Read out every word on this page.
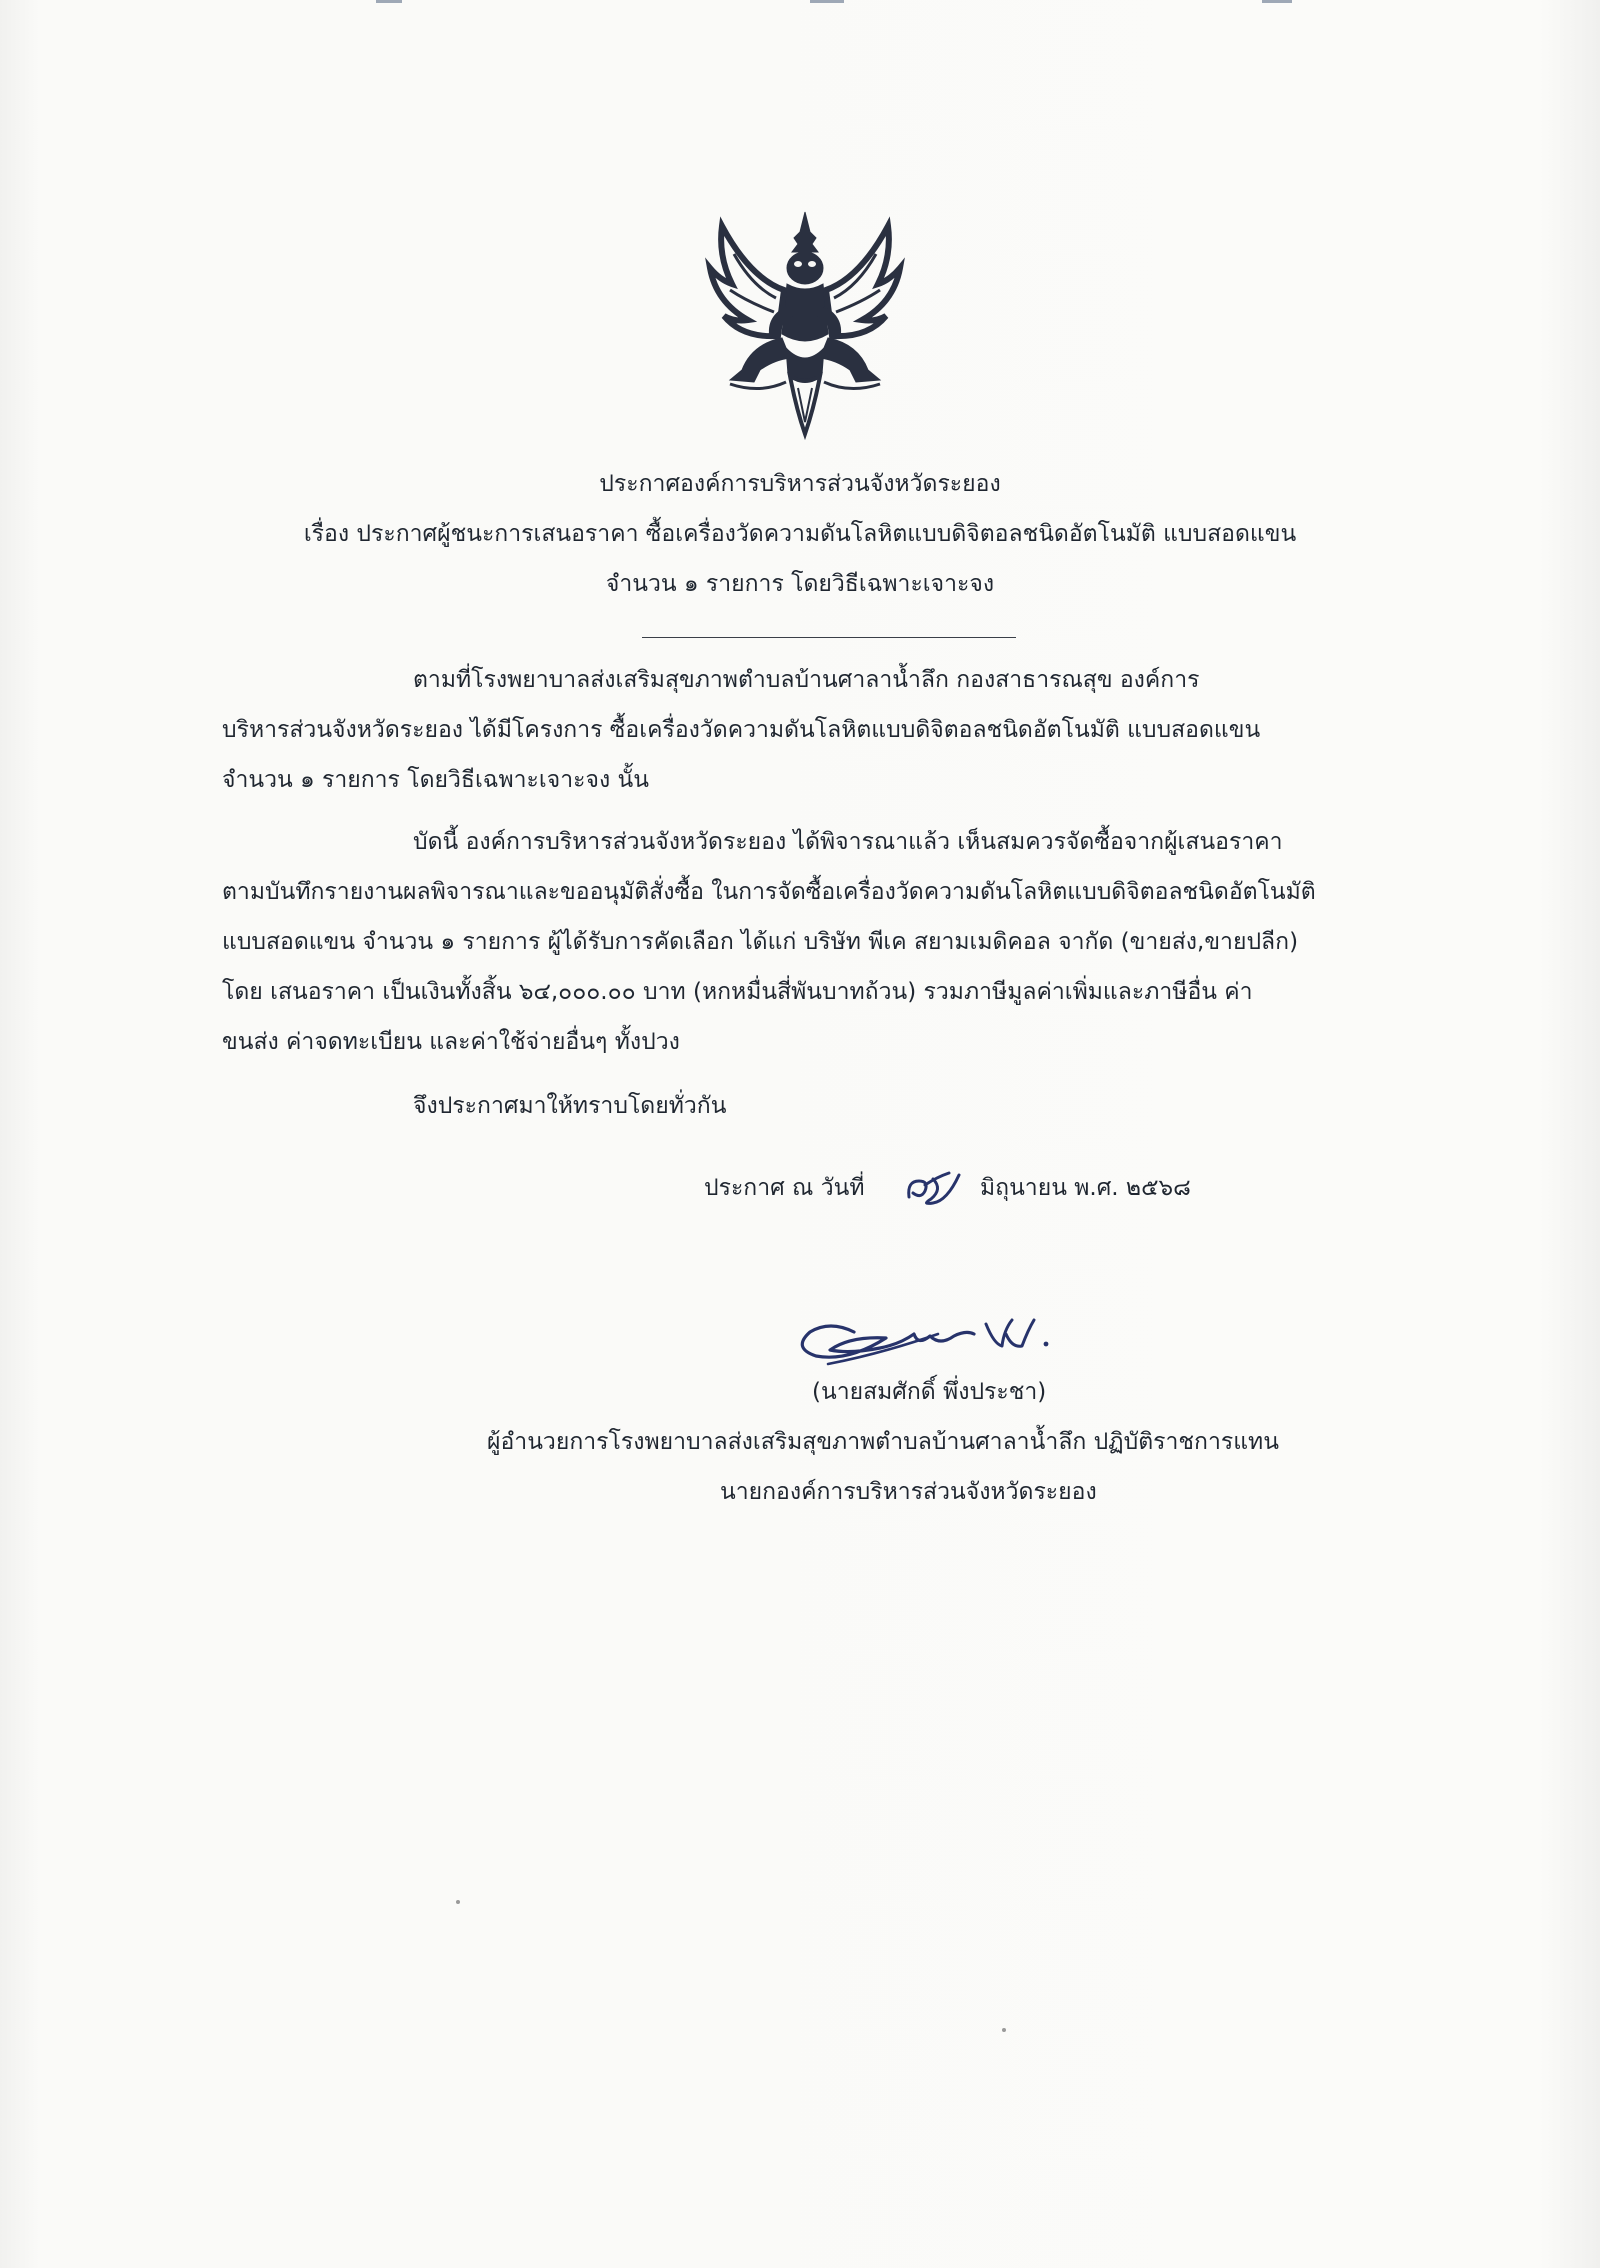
ประกาศองค์การบริหารส่วนจังหวัดระยอง
เรื่อง ประกาศผู้ชนะการเสนอราคา ซื้อเครื่องวัดความดันโลหิตแบบดิจิตอลชนิดอัตโนมัติ แบบสอดแขน
จำนวน ๑ รายการ โดยวิธีเฉพาะเจาะจง
ตามที่โรงพยาบาลส่งเสริมสุขภาพตำบลบ้านศาลาน้ำลึก กองสาธารณสุข องค์การ
บริหารส่วนจังหวัดระยอง ได้มีโครงการ ซื้อเครื่องวัดความดันโลหิตแบบดิจิตอลชนิดอัตโนมัติ แบบสอดแขน
จำนวน ๑ รายการ โดยวิธีเฉพาะเจาะจง นั้น
บัดนี้ องค์การบริหารส่วนจังหวัดระยอง ได้พิจารณาแล้ว เห็นสมควรจัดซื้อจากผู้เสนอราคา
ตามบันทึกรายงานผลพิจารณาและขออนุมัติสั่งซื้อ ในการจัดซื้อเครื่องวัดความดันโลหิตแบบดิจิตอลชนิดอัตโนมัติ
แบบสอดแขน จำนวน ๑ รายการ ผู้ได้รับการคัดเลือก ได้แก่ บริษัท พีเค สยามเมดิคอล จากัด (ขายส่ง,ขายปลีก)
โดย เสนอราคา เป็นเงินทั้งสิ้น ๖๔,๐๐๐.๐๐ บาท (หกหมื่นสี่พันบาทถ้วน) รวมภาษีมูลค่าเพิ่มและภาษีอื่น ค่า
ขนส่ง ค่าจดทะเบียน และค่าใช้จ่ายอื่นๆ ทั้งปวง
จึงประกาศมาให้ทราบโดยทั่วกัน
ประกาศ ณ วันที่	มิถุนายน พ.ศ. ๒๕๖๘
(นายสมศักดิ์ พึ่งประชา)
ผู้อำนวยการโรงพยาบาลส่งเสริมสุขภาพตำบลบ้านศาลาน้ำลึก ปฏิบัติราชการแทน
นายกองค์การบริหารส่วนจังหวัดระยอง
